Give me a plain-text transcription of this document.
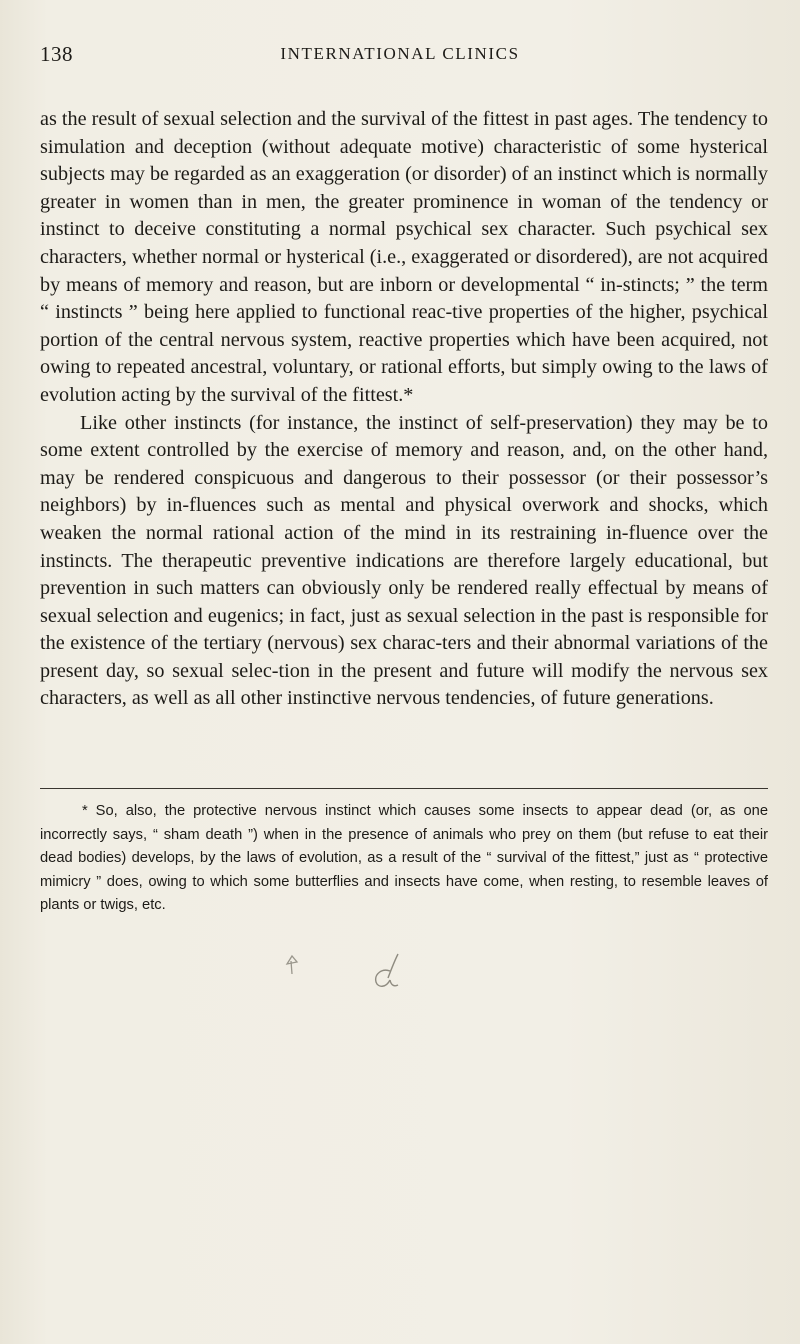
138	INTERNATIONAL CLINICS

as the result of sexual selection and the survival of the fittest in past ages. The tendency to simulation and deception (without adequate motive) characteristic of some hysterical subjects may be regarded as an exaggeration (or disorder) of an instinct which is normally greater in women than in men, the greater prominence in woman of the tendency or instinct to deceive constituting a normal psychical sex character. Such psychical sex characters, whether normal or hysterical (i.e., exaggerated or disordered), are not acquired by means of memory and reason, but are inborn or developmental “ in-stincts; ” the term “ instincts ” being here applied to functional reac-tive properties of the higher, psychical portion of the central nervous system, reactive properties which have been acquired, not owing to repeated ancestral, voluntary, or rational efforts, but simply owing to the laws of evolution acting by the survival of the fittest.*

Like other instincts (for instance, the instinct of self-preservation) they may be to some extent controlled by the exercise of memory and reason, and, on the other hand, may be rendered conspicuous and dangerous to their possessor (or their possessor’s neighbors) by in-fluences such as mental and physical overwork and shocks, which weaken the normal rational action of the mind in its restraining in-fluence over the instincts. The therapeutic preventive indications are therefore largely educational, but prevention in such matters can obviously only be rendered really effectual by means of sexual selection and eugenics; in fact, just as sexual selection in the past is responsible for the existence of the tertiary (nervous) sex charac-ters and their abnormal variations of the present day, so sexual selec-tion in the present and future will modify the nervous sex characters, as well as all other instinctive nervous tendencies, of future generations.

* So, also, the protective nervous instinct which causes some insects to appear dead (or, as one incorrectly says, “ sham death ”) when in the presence of animals who prey on them (but refuse to eat their dead bodies) develops, by the laws of evolution, as a result of the “ survival of the fittest,” just as “ protective mimicry ” does, owing to which some butterflies and insects have come, when resting, to resemble leaves of plants or twigs, etc.
